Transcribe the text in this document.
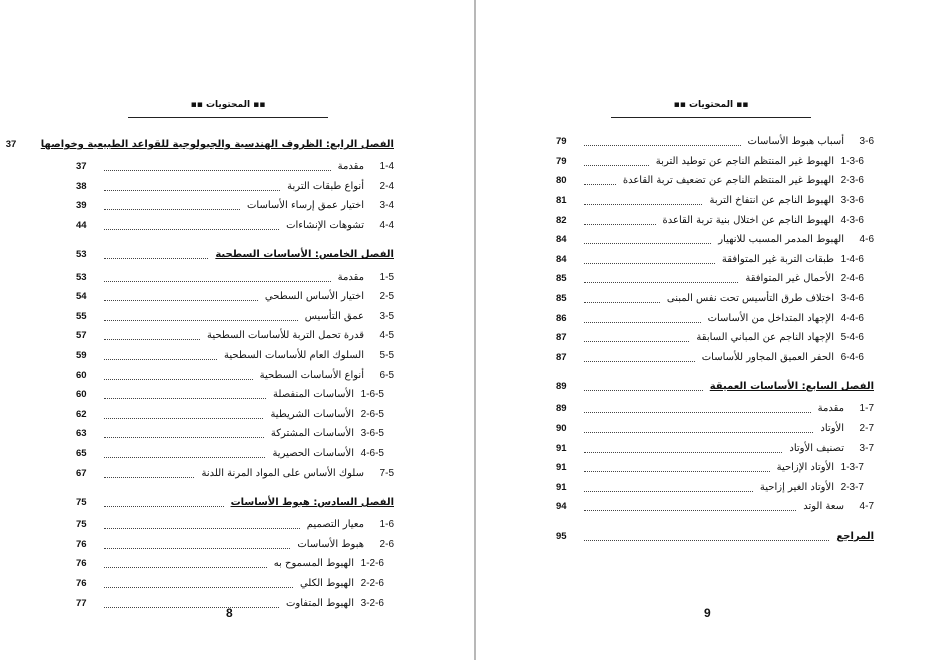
▪▪ المحتويات ▪▪
الفصل الرابع: الظروف الهندسية والجيولوجية للقواعد الطبيعية وخواصها
37
1-4
مقدمة
37
2-4
أنواع طبقات التربة
38
3-4
اختيار عمق إرساء الأساسات
39
4-4
تشوهات الإنشاءات
44
الفصل الخامس: الأساسات السطحية
53
1-5
مقدمة
53
2-5
اختيار الأساس السطحي
54
3-5
عمق التأسيس
55
4-5
قدرة تحمل التربة للأساسات السطحية
57
5-5
السلوك العام للأساسات السطحية
59
6-5
أنواع الأساسات السطحية
60
1-6-5
الأساسات المنفصلة
60
2-6-5
الأساسات الشريطية
62
3-6-5
الأساسات المشتركة
63
4-6-5
الأساسات الحصيرية
65
7-5
سلوك الأساس على المواد المرنة اللدنة
67
الفصل السادس: هبوط الأساسات
75
1-6
معيار التصميم
75
2-6
هبوط الأساسات
76
1-2-6
الهبوط المسموح به
76
2-2-6
الهبوط الكلي
76
3-2-6
الهبوط المتفاوت
77
8
▪▪ المحتويات ▪▪
3-6
أسباب هبوط الأساسات
79
1-3-6
الهبوط غير المنتظم الناجم عن توطيد التربة
79
2-3-6
الهبوط غير المنتظم الناجم عن تضعيف تربة القاعدة
80
3-3-6
الهبوط الناجم عن انتفاخ التربة
81
4-3-6
الهبوط الناجم عن اختلال بنية تربة القاعدة
82
4-6
الهبوط المدمر المسبب للانهيار
84
1-4-6
طبقات التربة غير المتوافقة
84
2-4-6
الأحمال غير المتوافقة
85
3-4-6
اختلاف طرق التأسيس تحت نفس المبنى
85
4-4-6
الإجهاد المتداخل من الأساسات
86
5-4-6
الإجهاد الناجم عن المباني السابقة
87
6-4-6
الحفر العميق المجاور للأساسات
87
الفصل السابع: الأساسات العميقة
89
1-7
مقدمة
89
2-7
الأوتاد
90
3-7
تصنيف الأوتاد
91
1-3-7
الأوتاد الإزاحية
91
2-3-7
الأوتاد الغير إزاحية
91
4-7
سعة الوتد
94
المراجع
95
9
